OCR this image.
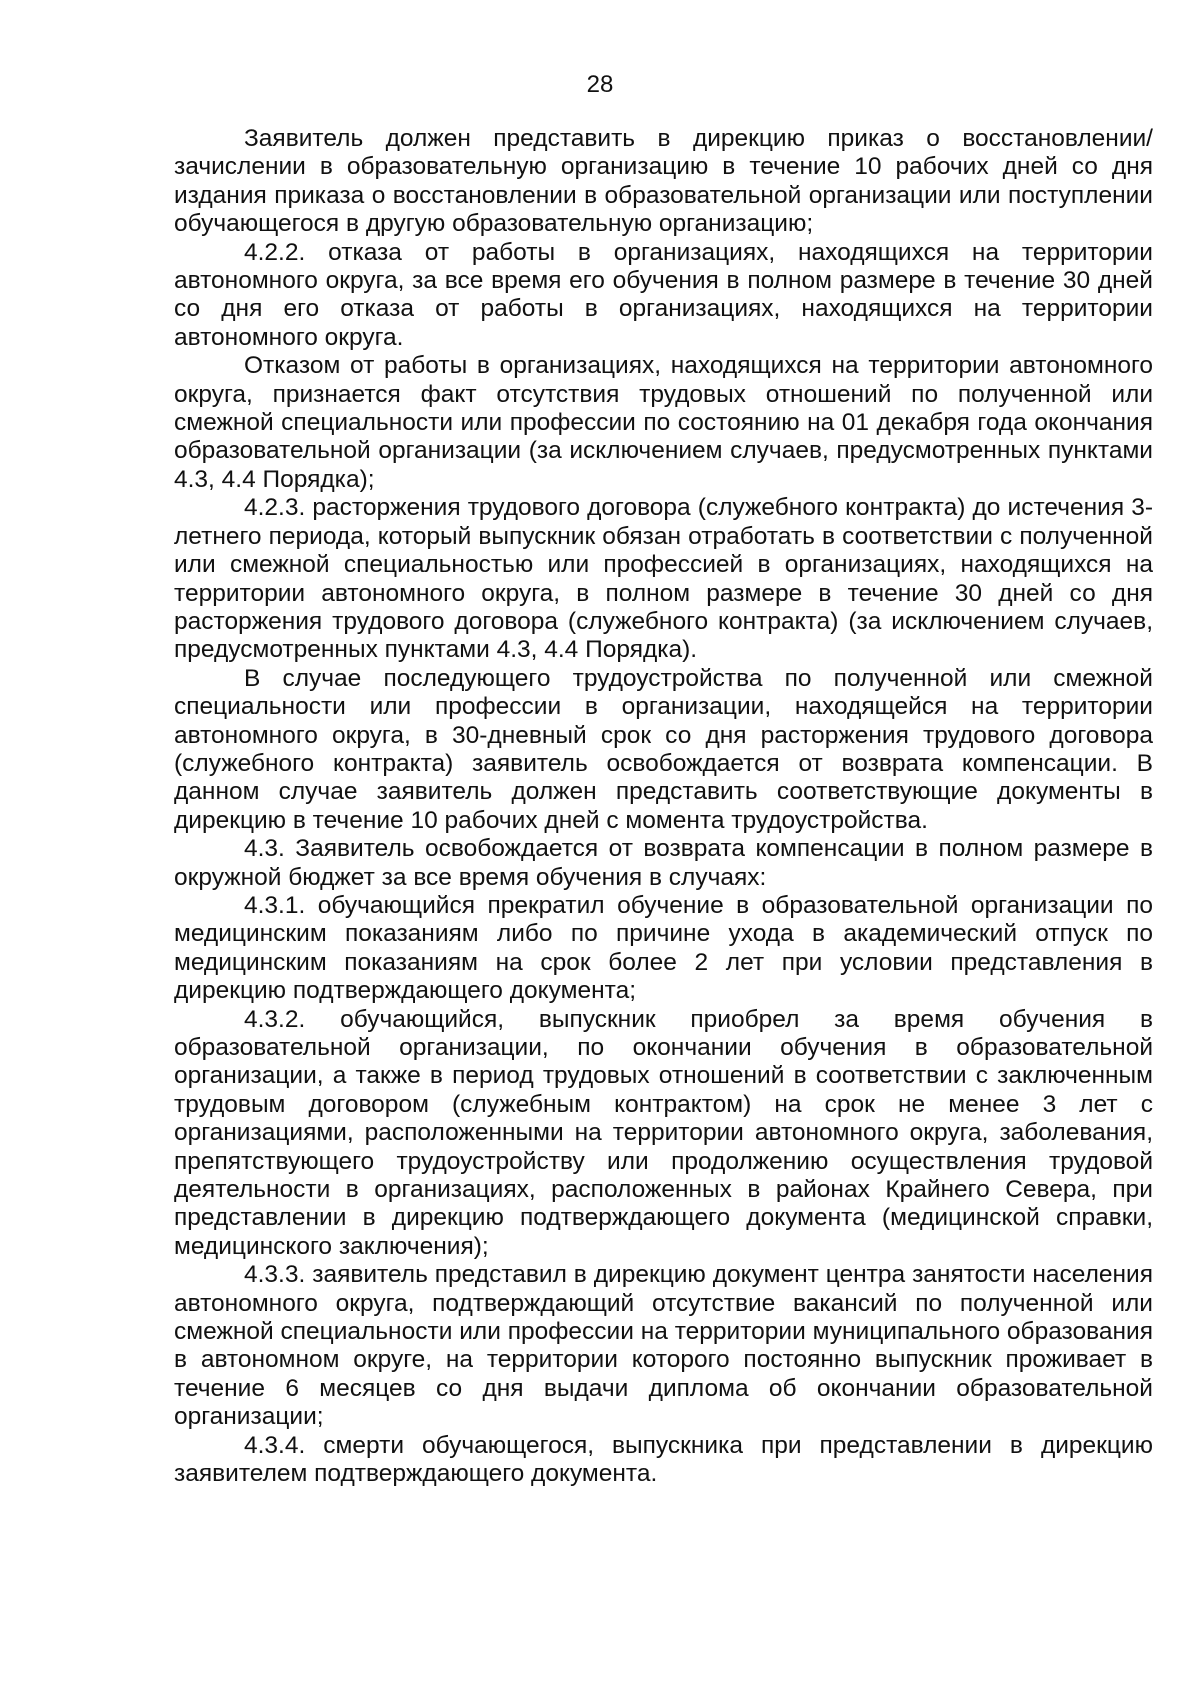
28

Заявитель должен представить в дирекцию приказ о восстановлении/зачислении в образовательную организацию в течение 10 рабочих дней со дня издания приказа о восстановлении в образовательной организации или поступлении обучающегося в другую образовательную организацию;

4.2.2. отказа от работы в организациях, находящихся на территории автономного округа, за все время его обучения в полном размере в течение 30 дней со дня его отказа от работы в организациях, находящихся на территории автономного округа.

Отказом от работы в организациях, находящихся на территории автономного округа, признается факт отсутствия трудовых отношений по полученной или смежной специальности или профессии по состоянию на 01 декабря года окончания образовательной организации (за исключением случаев, предусмотренных пунктами 4.3, 4.4 Порядка);

4.2.3. расторжения трудового договора (служебного контракта) до истечения 3-летнего периода, который выпускник обязан отработать в соответствии с полученной или смежной специальностью или профессией в организациях, находящихся на территории автономного округа, в полном размере в течение 30 дней со дня расторжения трудового договора (служебного контракта) (за исключением случаев, предусмотренных пунктами 4.3, 4.4 Порядка).

В случае последующего трудоустройства по полученной или смежной специальности или профессии в организации, находящейся на территории автономного округа, в 30-дневный срок со дня расторжения трудового договора (служебного контракта) заявитель освобождается от возврата компенсации. В данном случае заявитель должен представить соответствующие документы в дирекцию в течение 10 рабочих дней с момента трудоустройства.

4.3. Заявитель освобождается от возврата компенсации в полном размере в окружной бюджет за все время обучения в случаях:

4.3.1. обучающийся прекратил обучение в образовательной организации по медицинским показаниям либо по причине ухода в академический отпуск по медицинским показаниям на срок более 2 лет при условии представления в дирекцию подтверждающего документа;

4.3.2. обучающийся, выпускник приобрел за время обучения в образовательной организации, по окончании обучения в образовательной организации, а также в период трудовых отношений в соответствии с заключенным трудовым договором (служебным контрактом) на срок не менее 3 лет с организациями, расположенными на территории автономного округа, заболевания, препятствующего трудоустройству или продолжению осуществления трудовой деятельности в организациях, расположенных в районах Крайнего Севера, при представлении в дирекцию подтверждающего документа (медицинской справки, медицинского заключения);

4.3.3. заявитель представил в дирекцию документ центра занятости населения автономного округа, подтверждающий отсутствие вакансий по полученной или смежной специальности или профессии на территории муниципального образования в автономном округе, на территории которого постоянно выпускник проживает в течение 6 месяцев со дня выдачи диплома об окончании образовательной организации;

4.3.4. смерти обучающегося, выпускника при представлении в дирекцию заявителем подтверждающего документа.
